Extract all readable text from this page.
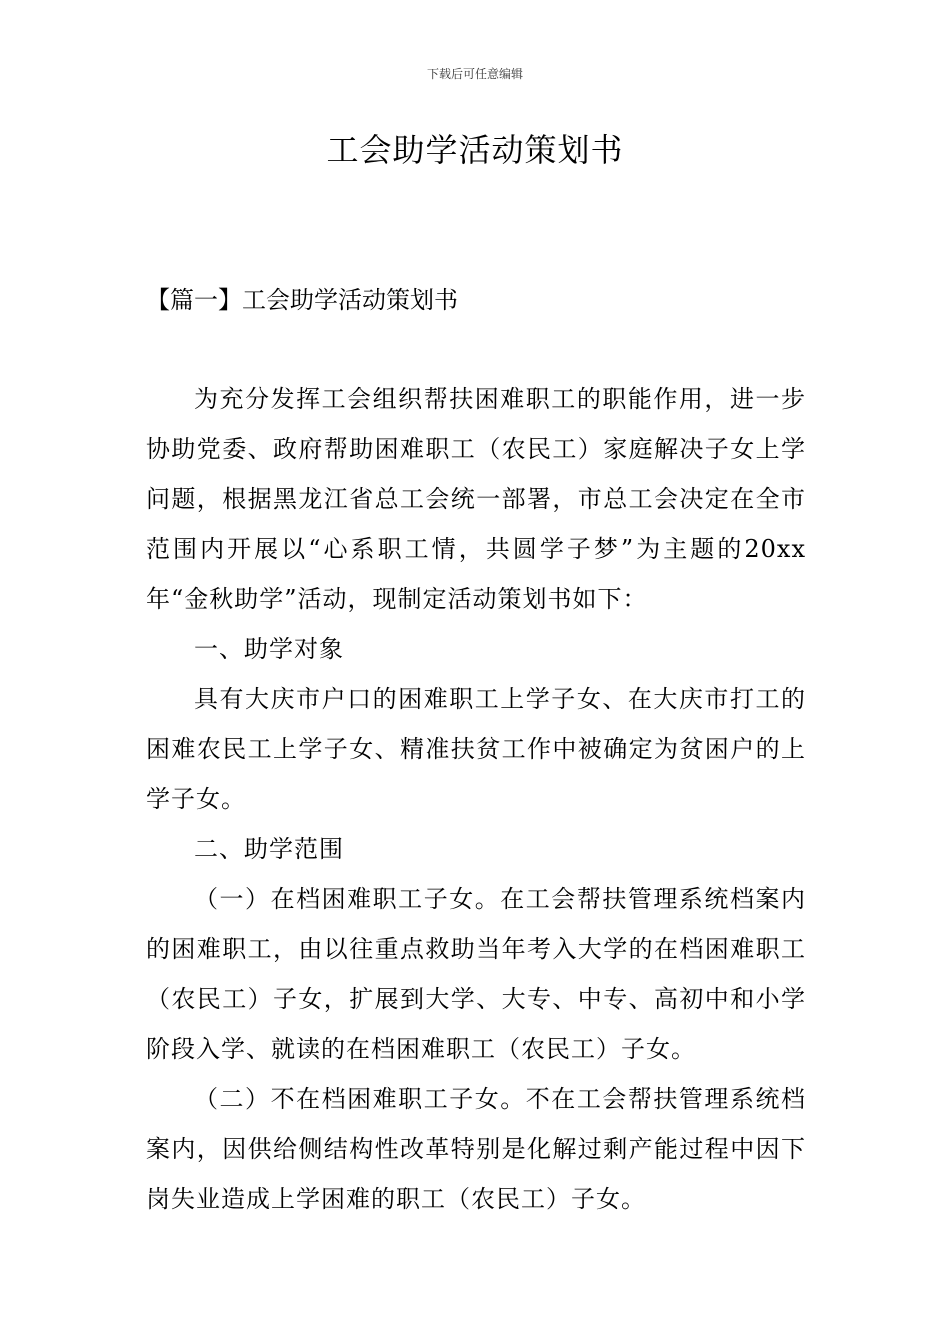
下载后可任意编辑
工会助学活动策划书
【篇一】工会助学活动策划书

为充分发挥工会组织帮扶困难职工的职能作用，进一步协助党委、政府帮助困难职工（农民工）家庭解决子女上学问题，根据黑龙江省总工会统一部署，市总工会决定在全市范围内开展以“心系职工情，共圆学子梦”为主题的20xx年“金秋助学”活动，现制定活动策划书如下：

一、助学对象

具有大庆市户口的困难职工上学子女、在大庆市打工的困难农民工上学子女、精准扶贫工作中被确定为贫困户的上学子女。

二、助学范围

（一）在档困难职工子女。在工会帮扶管理系统档案内的困难职工，由以往重点救助当年考入大学的在档困难职工（农民工）子女，扩展到大学、大专、中专、高初中和小学阶段入学、就读的在档困难职工（农民工）子女。

（二）不在档困难职工子女。不在工会帮扶管理系统档案内，因供给侧结构性改革特别是化解过剩产能过程中因下岗失业造成上学困难的职工（农民工）子女。
